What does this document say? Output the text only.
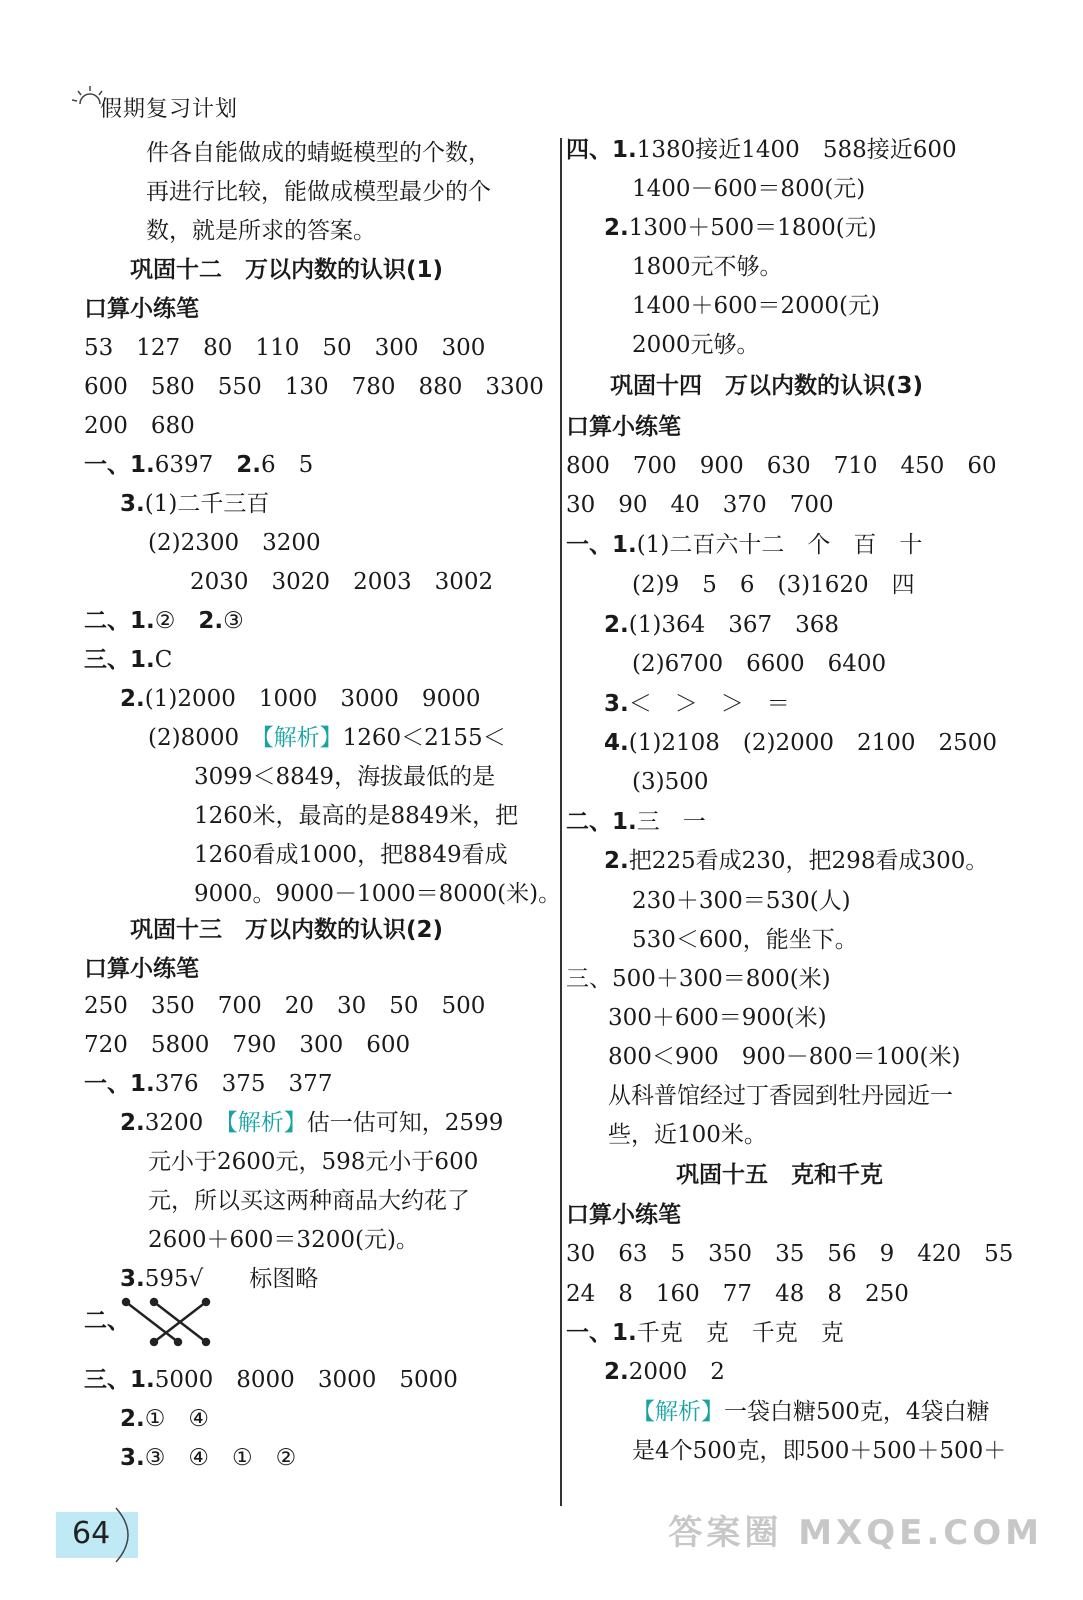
假期复习计划
件各自能做成的蜻蜓模型的个数，
再进行比较，能做成模型最少的个
数，就是所求的答案。
巩固十二　万以内数的认识(1)
口算小练笔
53　127　80　110　50　300　300
600　580　550　130　780　880　3300
200　680
一、1.6397　2.6　5
3.(1)二千三百
(2)2300　3200
2030　3020　2003　3002
二、1.②　2.③
三、1.C
2.(1)2000　1000　3000　9000
(2)8000　【解析】1260＜2155＜
3099＜8849，海拔最低的是
1260米，最高的是8849米，把
1260看成1000，把8849看成
9000。9000－1000＝8000(米)。
巩固十三　万以内数的认识(2)
口算小练笔
250　350　700　20　30　50　500
720　5800　790　300　600
一、1.376　375　377
2.3200　【解析】估一估可知，2599
元小于2600元，598元小于600
元，所以买这两种商品大约花了
2600＋600＝3200(元)。
3.595√　　标图略
二、
三、1.5000　8000　3000　5000
2.①　④
3.③　④　①　②
四、1.1380接近1400　588接近600
1400－600＝800(元)
2.1300＋500＝1800(元)
1800元不够。
1400＋600＝2000(元)
2000元够。
巩固十四　万以内数的认识(3)
口算小练笔
800　700　900　630　710　450　60
30　90　40　370　700
一、1.(1)二百六十二　个　百　十
(2)9　5　6　(3)1620　四
2.(1)364　367　368
(2)6700　6600　6400
3.＜　＞　＞　＝
4.(1)2108　(2)2000　2100　2500
(3)500
二、1.三　一
2.把225看成230，把298看成300。
230＋300＝530(人)
530＜600，能坐下。
三、500＋300＝800(米)
300＋600＝900(米)
800＜900　900－800＝100(米)
从科普馆经过丁香园到牡丹园近一
些，近100米。
巩固十五　克和千克
口算小练笔
30　63　5　350　35　56　9　420　55
24　8　160　77　48　8　250
一、1.千克　克　千克　克
2.2000　2
【解析】一袋白糖500克，4袋白糖
是4个500克，即500＋500＋500＋
64	答案圈 MXQE.COM
